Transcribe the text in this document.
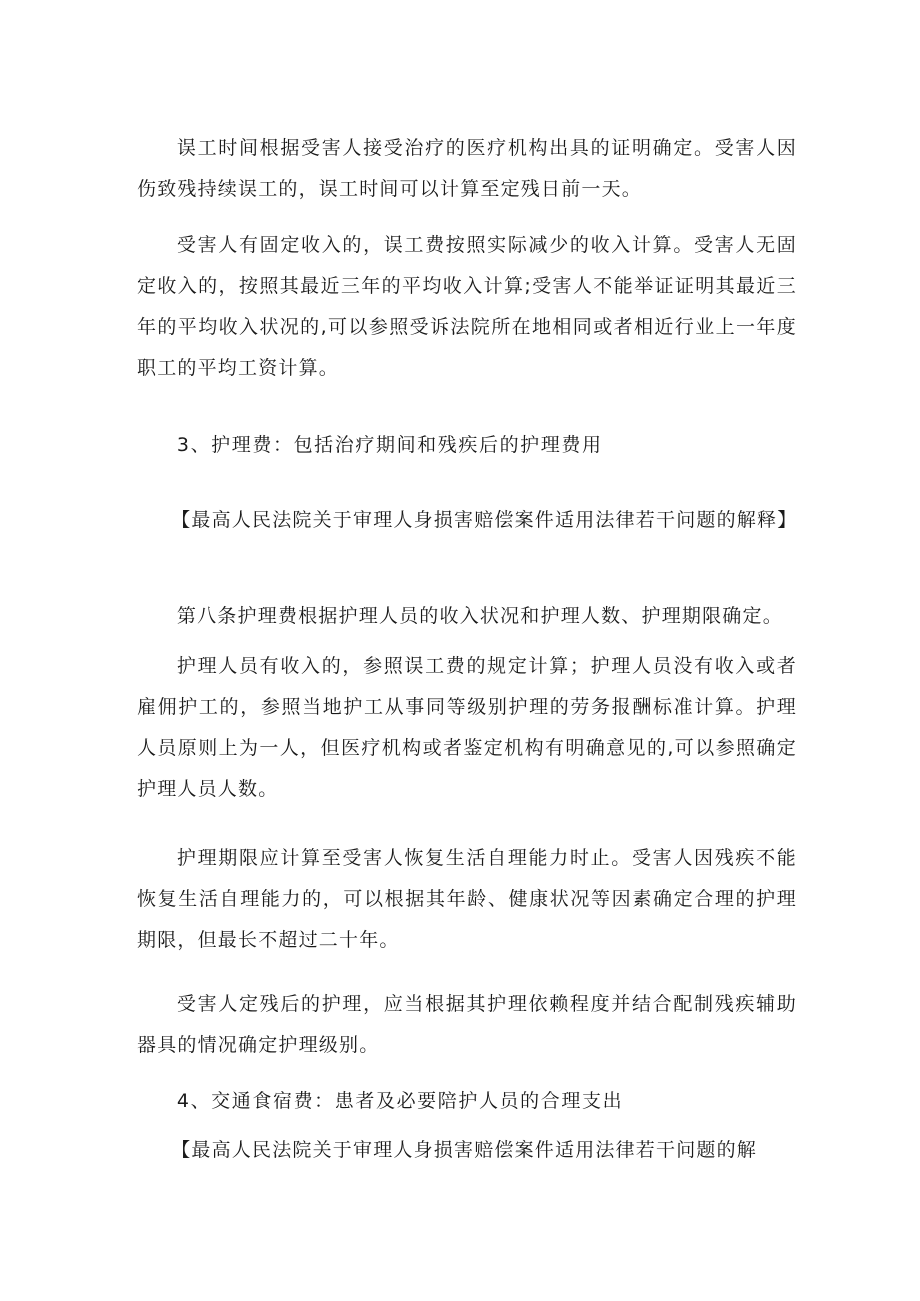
误工时间根据受害人接受治疗的医疗机构出具的证明确定。受害人因伤致残持续误工的，误工时间可以计算至定残日前一天。

受害人有固定收入的，误工费按照实际减少的收入计算。受害人无固定收入的，按照其最近三年的平均收入计算;受害人不能举证证明其最近三年的平均收入状况的,可以参照受诉法院所在地相同或者相近行业上一年度职工的平均工资计算。

3、护理费：包括治疗期间和残疾后的护理费用

【最高人民法院关于审理人身损害赔偿案件适用法律若干问题的解释】

第八条护理费根据护理人员的收入状况和护理人数、护理期限确定。

护理人员有收入的，参照误工费的规定计算；护理人员没有收入或者雇佣护工的，参照当地护工从事同等级别护理的劳务报酬标准计算。护理人员原则上为一人，但医疗机构或者鉴定机构有明确意见的,可以参照确定护理人员人数。

护理期限应计算至受害人恢复生活自理能力时止。受害人因残疾不能恢复生活自理能力的，可以根据其年龄、健康状况等因素确定合理的护理期限，但最长不超过二十年。

受害人定残后的护理，应当根据其护理依赖程度并结合配制残疾辅助器具的情况确定护理级别。

4、交通食宿费：患者及必要陪护人员的合理支出

【最高人民法院关于审理人身损害赔偿案件适用法律若干问题的解
